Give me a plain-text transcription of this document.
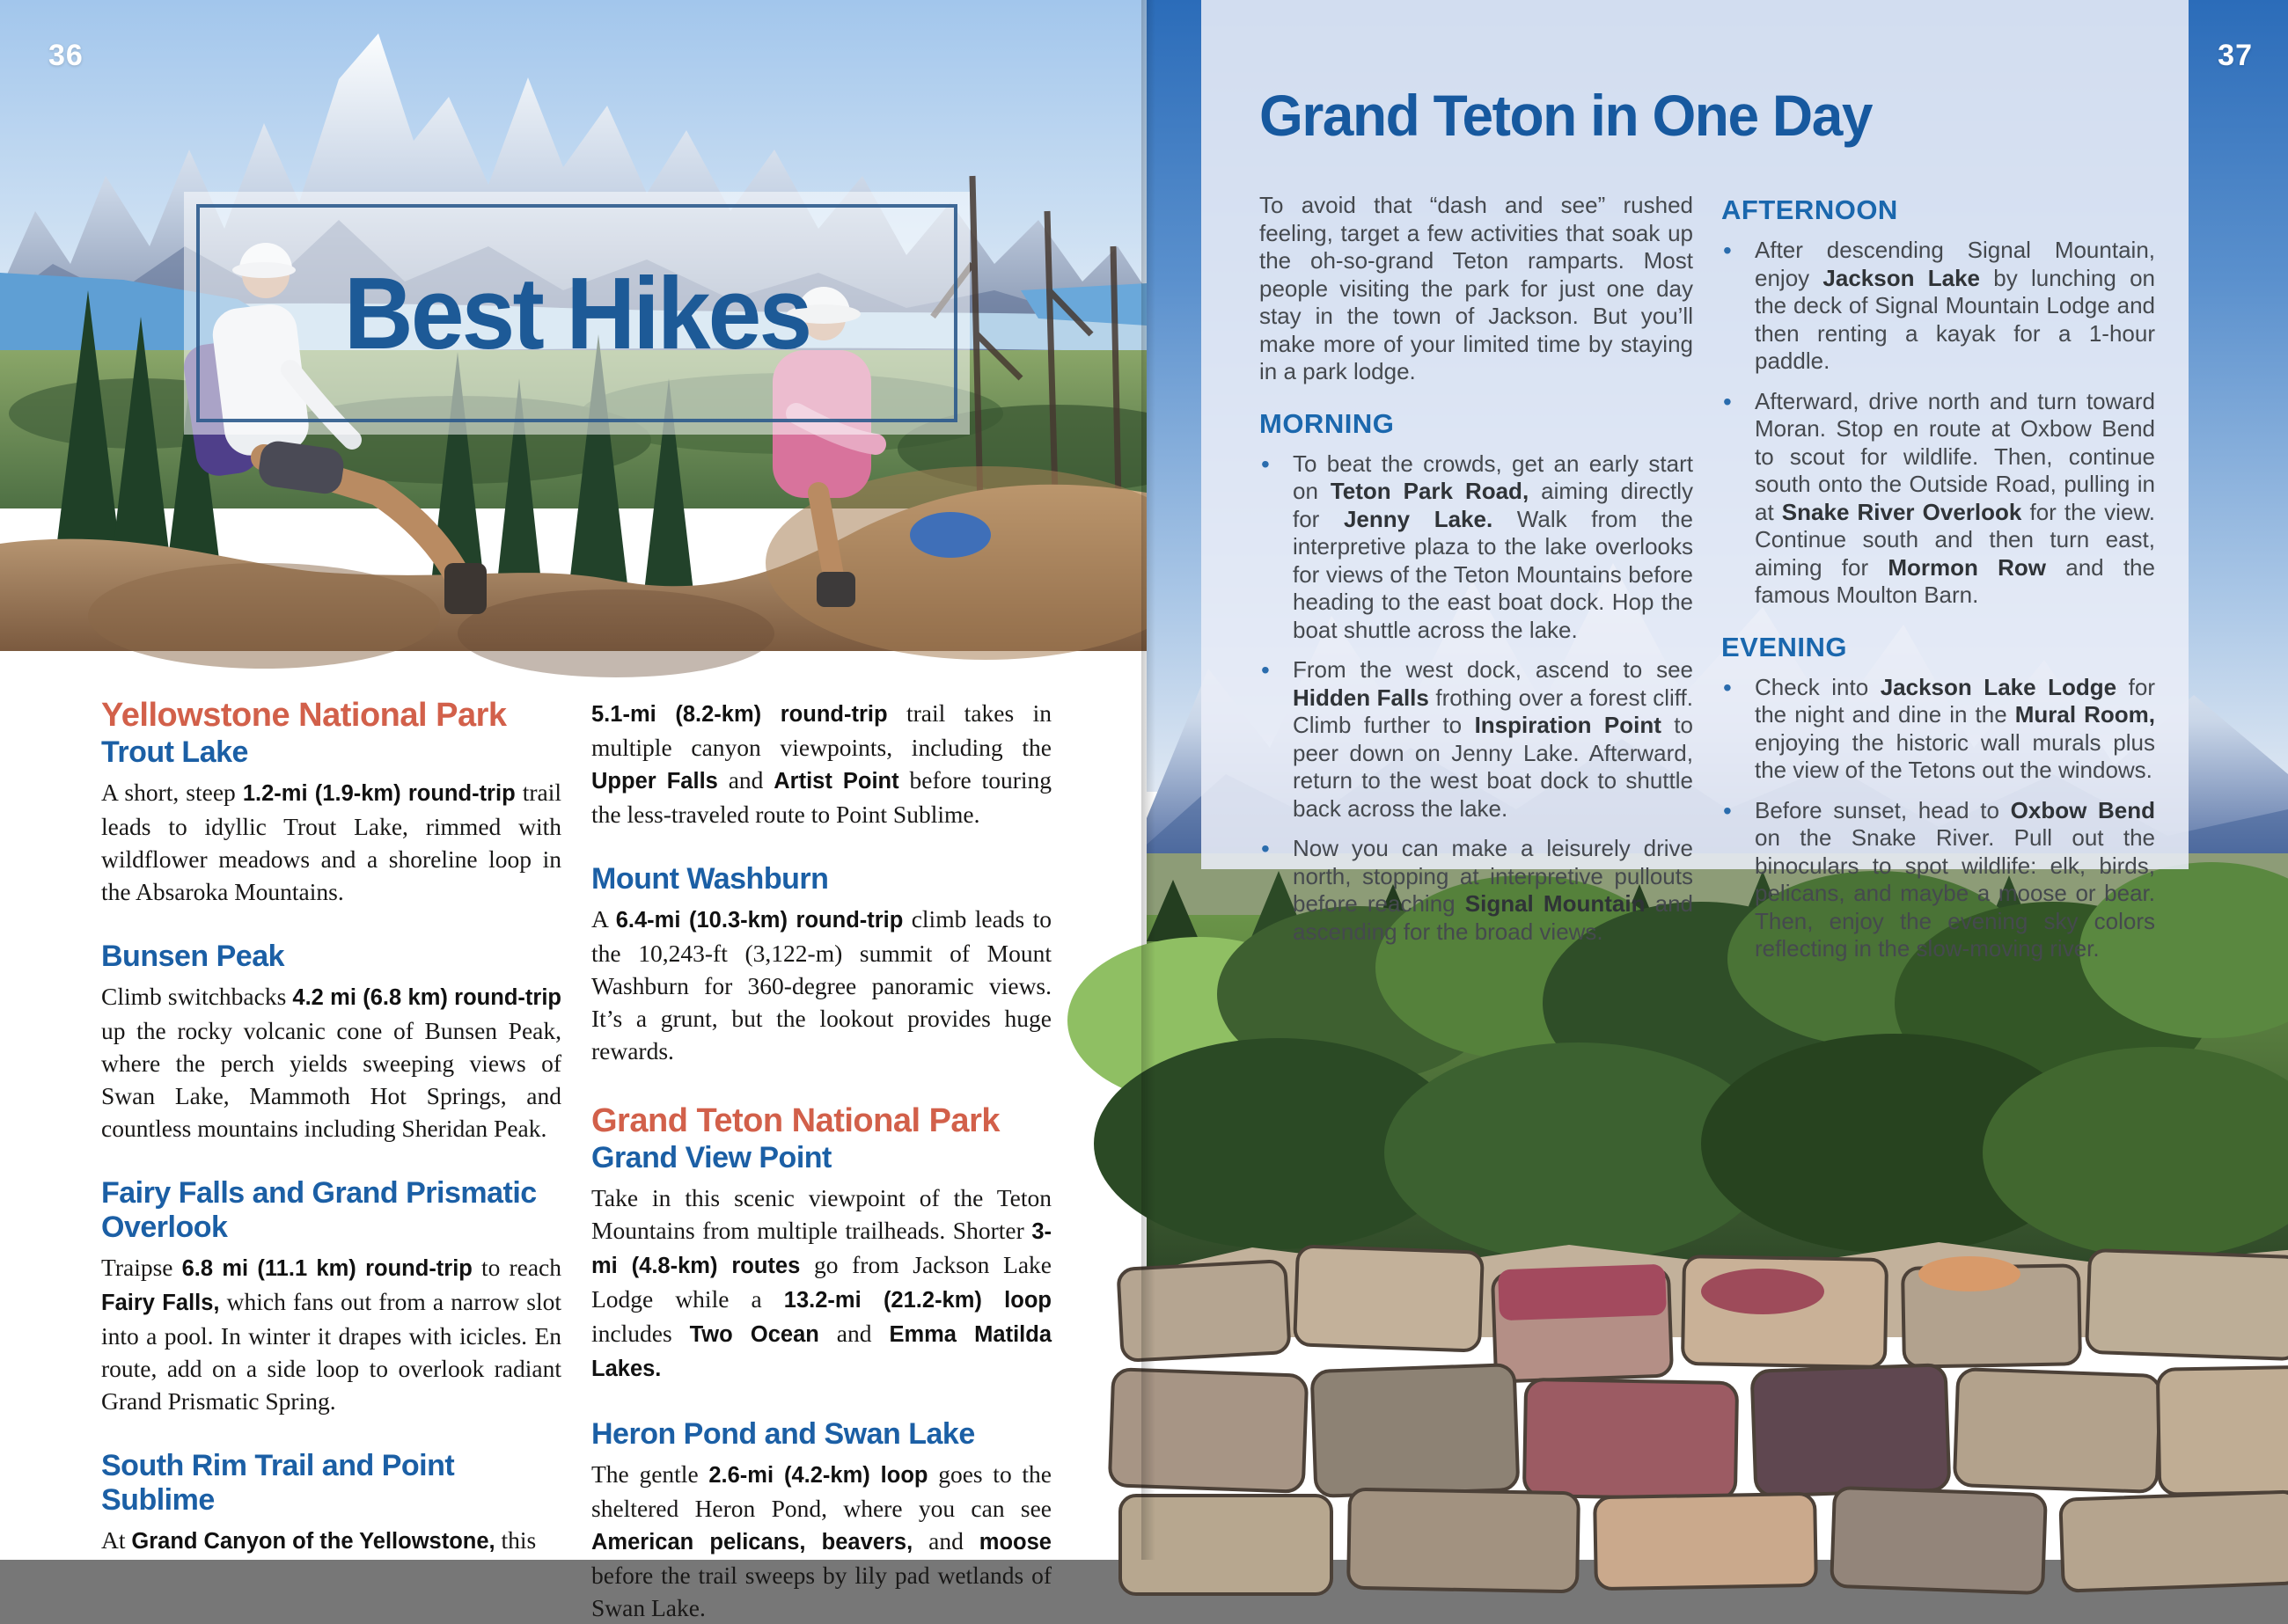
36
Best Hikes
Yellowstone National Park
Trout Lake

A short, steep 1.2-mi (1.9-km) round-trip trail leads to idyllic Trout Lake, rimmed with wildflower meadows and a shoreline loop in the Absaroka Mountains.

Bunsen Peak

Climb switchbacks 4.2 mi (6.8 km) round-trip up the rocky volcanic cone of Bunsen Peak, where the perch yields sweeping views of Swan Lake, Mammoth Hot Springs, and countless mountains including Sheridan Peak.

Fairy Falls and Grand Prismatic Overlook

Traipse 6.8 mi (11.1 km) round-trip to reach Fairy Falls, which fans out from a narrow slot into a pool. In winter it drapes with icicles. En route, add on a side loop to overlook radiant Grand Prismatic Spring.

South Rim Trail and Point Sublime

At Grand Canyon of the Yellowstone, this

5.1-mi (8.2-km) round-trip trail takes in multiple canyon viewpoints, including the Upper Falls and Artist Point before touring the less-traveled route to Point Sublime.

Mount Washburn

A 6.4-mi (10.3-km) round-trip climb leads to the 10,243-ft (3,122-m) summit of Mount Washburn for 360-degree panoramic views. It’s a grunt, but the lookout provides huge rewards.

Grand Teton National Park
Grand View Point

Take in this scenic viewpoint of the Teton Mountains from multiple trailheads. Shorter 3-mi (4.8-km) routes go from Jackson Lake Lodge while a 13.2-mi (21.2-km) loop includes Two Ocean and Emma Matilda Lakes.

Heron Pond and Swan Lake

The gentle 2.6-mi (4.2-km) loop goes to the sheltered Heron Pond, where you can see American pelicans, beavers, and moose before the trail sweeps by lily pad wetlands of Swan Lake.

Grand Teton in One Day

To avoid that “dash and see” rushed feeling, target a few activities that soak up the oh-so-grand Teton ramparts. Most people visiting the park for just one day stay in the town of Jackson. But you’ll make more of your limited time by staying in a park lodge.

MORNING
•	To beat the crowds, get an early start on Teton Park Road, aiming directly for Jenny Lake. Walk from the interpretive plaza to the lake overlooks for views of the Teton Mountains before heading to the east boat dock. Hop the boat shuttle across the lake.

•	From the west dock, ascend to see Hidden Falls frothing over a forest cliff. Climb further to Inspiration Point to peer down on Jenny Lake. Afterward, return to the west boat dock to shuttle back across the lake.

•	Now you can make a leisurely drive north, stopping at interpretive pullouts before reaching Signal Mountain and ascending for the broad views.

AFTERNOON
•	After descending Signal Mountain, enjoy Jackson Lake by lunching on the deck of Signal Mountain Lodge and then renting a kayak for a 1-hour paddle.

•	Afterward, drive north and turn toward Moran. Stop en route at Oxbow Bend to scout for wildlife. Then, continue south onto the Outside Road, pulling in at Snake River Overlook for the view. Continue south and then turn east, aiming for Mormon Row and the famous Moulton Barn.

EVENING
•	Check into Jackson Lake Lodge for the night and dine in the Mural Room, enjoying the historic wall murals plus the view of the Tetons out the windows.

•	Before sunset, head to Oxbow Bend on the Snake River. Pull out the binoculars to spot wildlife: elk, birds, pelicans, and maybe a moose or bear. Then, enjoy the evening sky colors reflecting in the slow-moving river.

37
